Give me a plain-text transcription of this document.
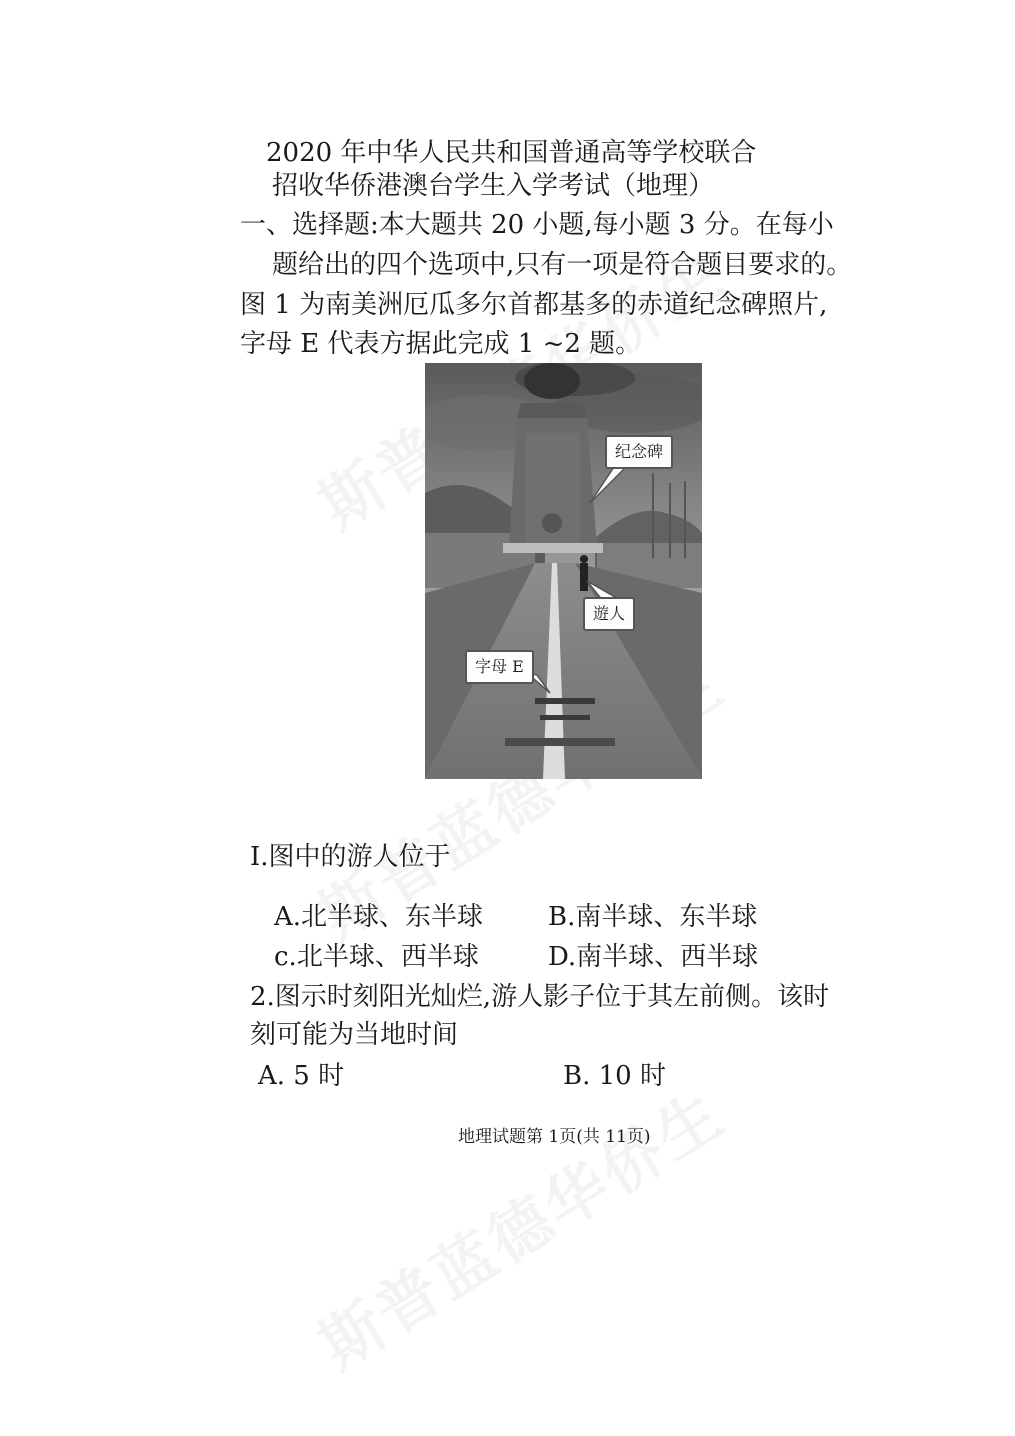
2020 年中华人民共和国普通高等学校联合
招收华侨港澳台学生入学考试（地理）
一、选择题:本大题共 20 小题,每小题 3 分。在每小
题给出的四个选项中,只有一项是符合题目要求的。
图 1 为南美洲厄瓜多尔首都基多的赤道纪念碑照片,
字母 E 代表方据此完成 1 ~2 题。
纪念碑
遊人
字母 E
I.图中的游人位于
A.北半球、东半球 B.南半球、东半球
c.北半球、西半球	D.南半球、西半球
2.图示时刻阳光灿烂,游人影子位于其左前侧。该时
刻可能为当地时间
A. 5 时	B. 10 时
地理试题第 1页(共 11页)
